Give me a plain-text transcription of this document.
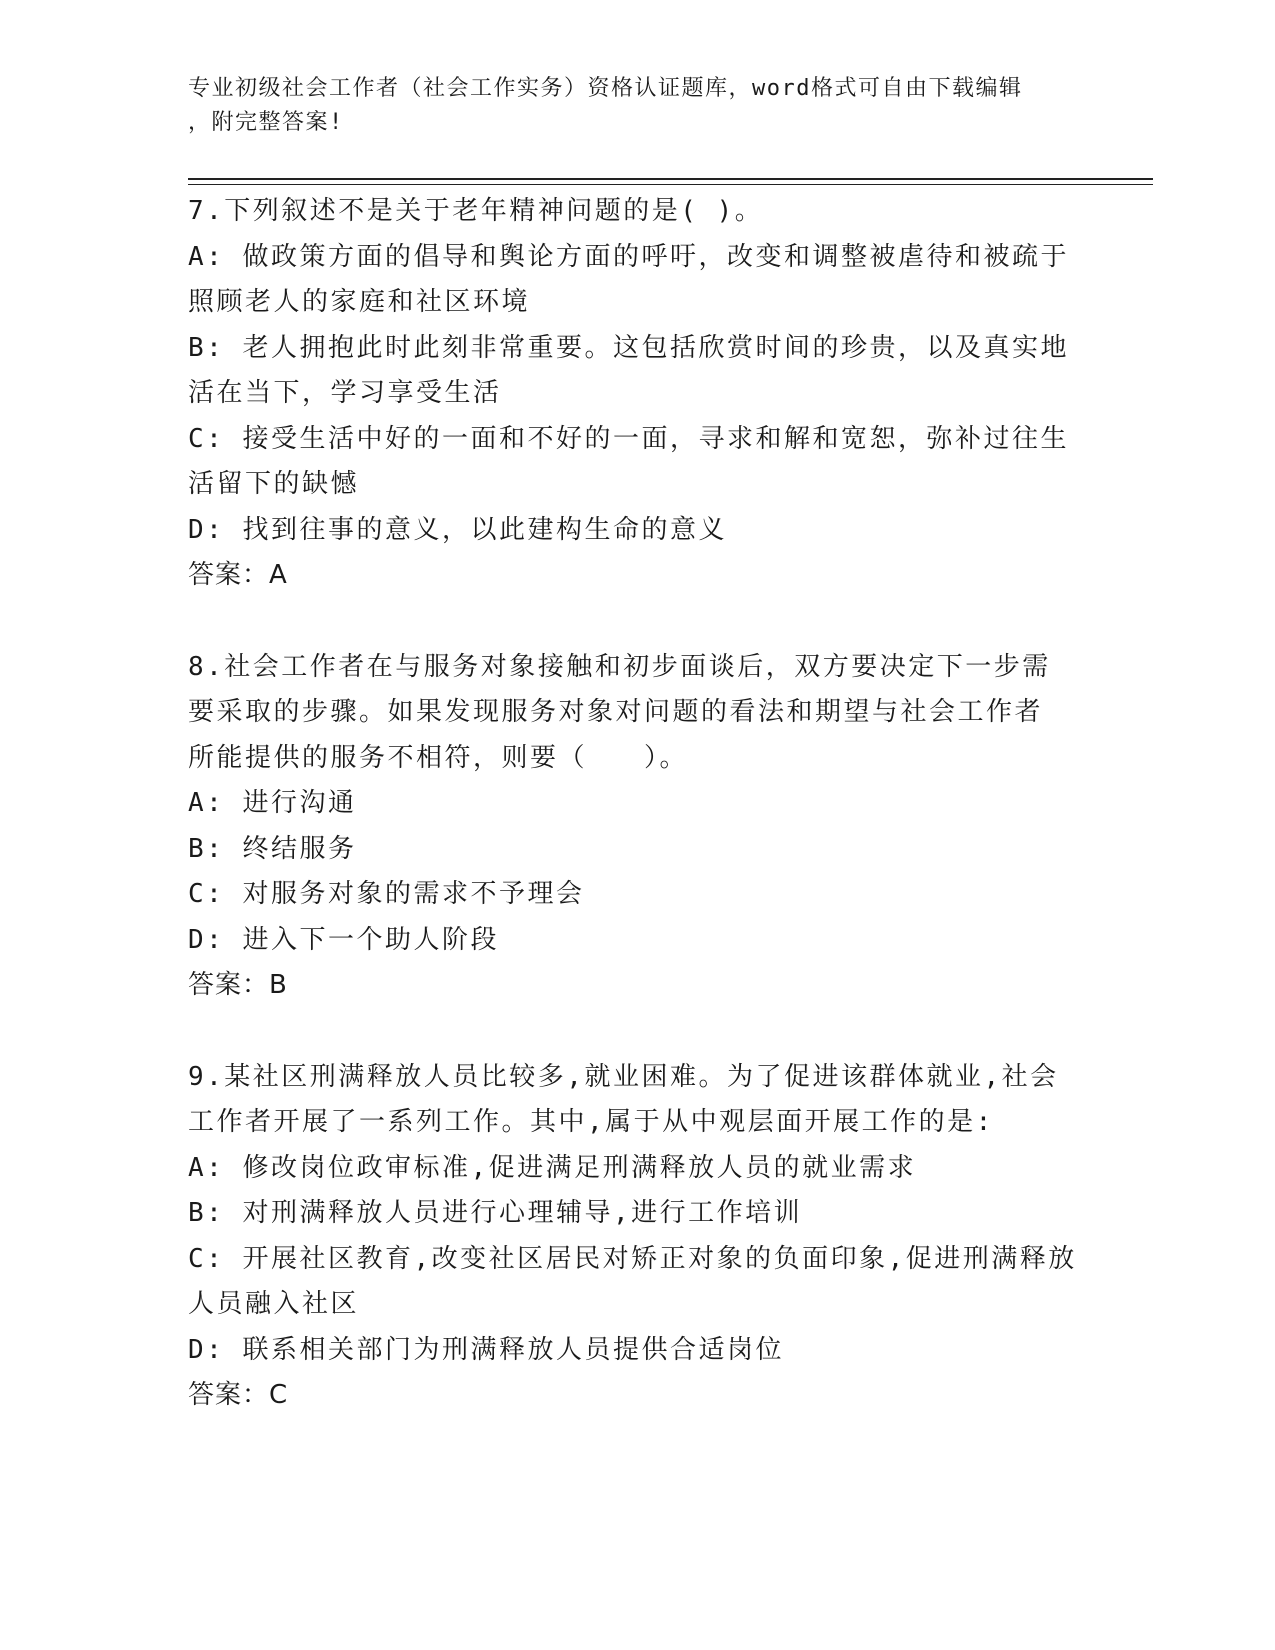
专业初级社会工作者（社会工作实务）资格认证题库，word格式可自由下载编辑
，附完整答案!
7.下列叙述不是关于老年精神问题的是( )。
A: 做政策方面的倡导和舆论方面的呼吁，改变和调整被虐待和被疏于
照顾老人的家庭和社区环境
B: 老人拥抱此时此刻非常重要。这包括欣赏时间的珍贵，以及真实地
活在当下，学习享受生活
C: 接受生活中好的一面和不好的一面，寻求和解和宽恕，弥补过往生
活留下的缺憾
D: 找到往事的意义，以此建构生命的意义
答案：A
8.社会工作者在与服务对象接触和初步面谈后，双方要决定下一步需
要采取的步骤。如果发现服务对象对问题的看法和期望与社会工作者
所能提供的服务不相符，则要（　　）。
A: 进行沟通
B: 终结服务
C: 对服务对象的需求不予理会
D: 进入下一个助人阶段
答案：B
9.某社区刑满释放人员比较多,就业困难。为了促进该群体就业,社会
工作者开展了一系列工作。其中,属于从中观层面开展工作的是:
A: 修改岗位政审标准,促进满足刑满释放人员的就业需求
B: 对刑满释放人员进行心理辅导,进行工作培训
C: 开展社区教育,改变社区居民对矫正对象的负面印象,促进刑满释放
人员融入社区
D: 联系相关部门为刑满释放人员提供合适岗位
答案：C
